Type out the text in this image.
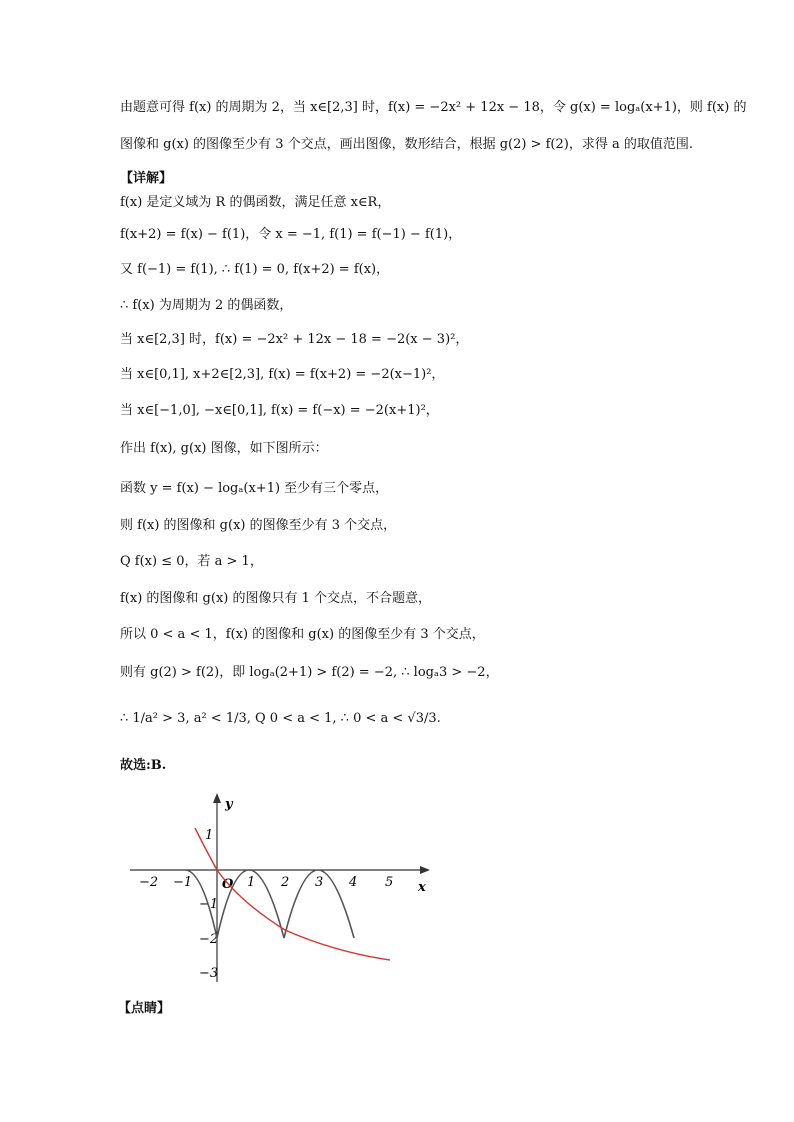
由题意可得 f(x) 的周期为 2，当 x∈[2,3] 时，f(x) = −2x² + 12x − 18，令 g(x) = logₐ(x+1)，则 f(x) 的
图像和 g(x) 的图像至少有 3 个交点，画出图像，数形结合，根据 g(2) > f(2)，求得 a 的取值范围.
【详解】
f(x) 是定义域为 R 的偶函数，满足任意 x∈R，
f(x+2) = f(x) − f(1)，令 x = −1, f(1) = f(−1) − f(1)，
又 f(−1) = f(1), ∴ f(1) = 0, f(x+2) = f(x)，
∴ f(x) 为周期为 2 的偶函数，
当 x∈[2,3] 时，f(x) = −2x² + 12x − 18 = −2(x − 3)²，
当 x∈[0,1], x+2∈[2,3], f(x) = f(x+2) = −2(x−1)²，
当 x∈[−1,0], −x∈[0,1], f(x) = f(−x) = −2(x+1)²，
作出 f(x), g(x) 图像，如下图所示：
函数 y = f(x) − logₐ(x+1) 至少有三个零点，
则 f(x) 的图像和 g(x) 的图像至少有 3 个交点，
Q f(x) ≤ 0，若 a > 1，
f(x) 的图像和 g(x) 的图像只有 1 个交点，不合题意，
所以 0 < a < 1，f(x) 的图像和 g(x) 的图像至少有 3 个交点，
则有 g(2) > f(2)，即 logₐ(2+1) > f(2) = −2, ∴ logₐ3 > −2，
∴ 1/a² > 3, a² < 1/3, Q 0 < a < 1, ∴ 0 < a < √3/3.
故选:B.
x
y
O
−2 −1	1 2 3 4 5
1
−1
−2
−3
【点睛】
